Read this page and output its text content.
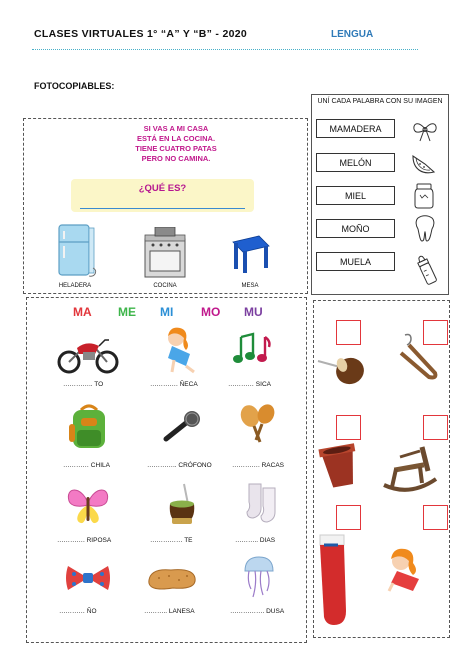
CLASES VIRTUALES 1° “A” Y “B” - 2020	LENGUA
FOTOCOPIABLES:
SI VAS A MI CASA
ESTÁ EN LA COCINA.
TIENE CUATRO PATAS
PERO NO CAMINA.
¿QUÉ ES?
HELADERA	COCINA	MESA
UNÍ CADA PALABRA CON SU IMAGEN
MAMADERA
MELÓN
MIEL
MOÑO
MUELA
MA ME MI MO MU
………….. TO	…………. ÑECA	………… SICA
………… CHILA	………….. CRÓFONO	…………. RACAS
…………. RIPOSA	…………… TE	……….. DIAS
………… ÑO	……….. LANESA	……………. DUSA
